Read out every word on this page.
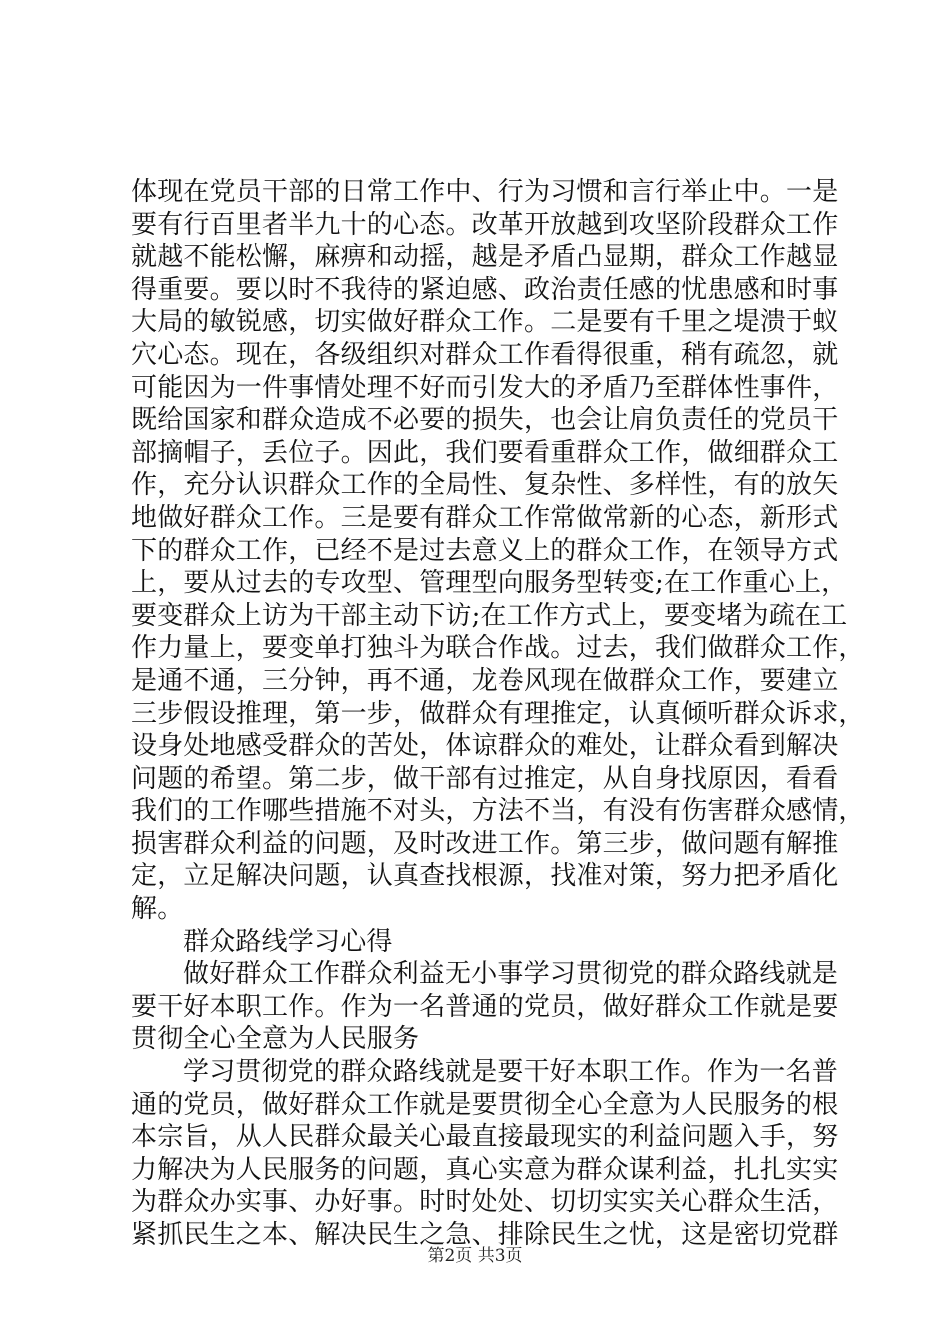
体现在党员干部的日常工作中、行为习惯和言行举止中。一是
要有行百里者半九十的心态。改革开放越到攻坚阶段群众工作
就越不能松懈，麻痹和动摇，越是矛盾凸显期，群众工作越显
得重要。要以时不我待的紧迫感、政治责任感的忧患感和时事
大局的敏锐感，切实做好群众工作。二是要有千里之堤溃于蚁
穴心态。现在，各级组织对群众工作看得很重，稍有疏忽，就
可能因为一件事情处理不好而引发大的矛盾乃至群体性事件，
既给国家和群众造成不必要的损失，也会让肩负责任的党员干
部摘帽子，丢位子。因此，我们要看重群众工作，做细群众工
作，充分认识群众工作的全局性、复杂性、多样性，有的放矢
地做好群众工作。三是要有群众工作常做常新的心态，新形式
下的群众工作，已经不是过去意义上的群众工作，在领导方式
上，要从过去的专攻型、管理型向服务型转变;在工作重心上，
要变群众上访为干部主动下访;在工作方式上，要变堵为疏在工
作力量上，要变单打独斗为联合作战。过去，我们做群众工作，
是通不通，三分钟，再不通，龙卷风现在做群众工作，要建立
三步假设推理，第一步，做群众有理推定，认真倾听群众诉求，
设身处地感受群众的苦处，体谅群众的难处，让群众看到解决
问题的希望。第二步，做干部有过推定，从自身找原因，看看
我们的工作哪些措施不对头，方法不当，有没有伤害群众感情，
损害群众利益的问题，及时改进工作。第三步，做问题有解推
定，立足解决问题，认真查找根源，找准对策，努力把矛盾化
解。
群众路线学习心得
做好群众工作群众利益无小事学习贯彻党的群众路线就是
要干好本职工作。作为一名普通的党员，做好群众工作就是要
贯彻全心全意为人民服务
学习贯彻党的群众路线就是要干好本职工作。作为一名普
通的党员，做好群众工作就是要贯彻全心全意为人民服务的根
本宗旨，从人民群众最关心最直接最现实的利益问题入手，努
力解决为人民服务的问题，真心实意为群众谋利益，扎扎实实
为群众办实事、办好事。时时处处、切切实实关心群众生活，
紧抓民生之本、解决民生之急、排除民生之忧，这是密切党群
第2页 共3页
